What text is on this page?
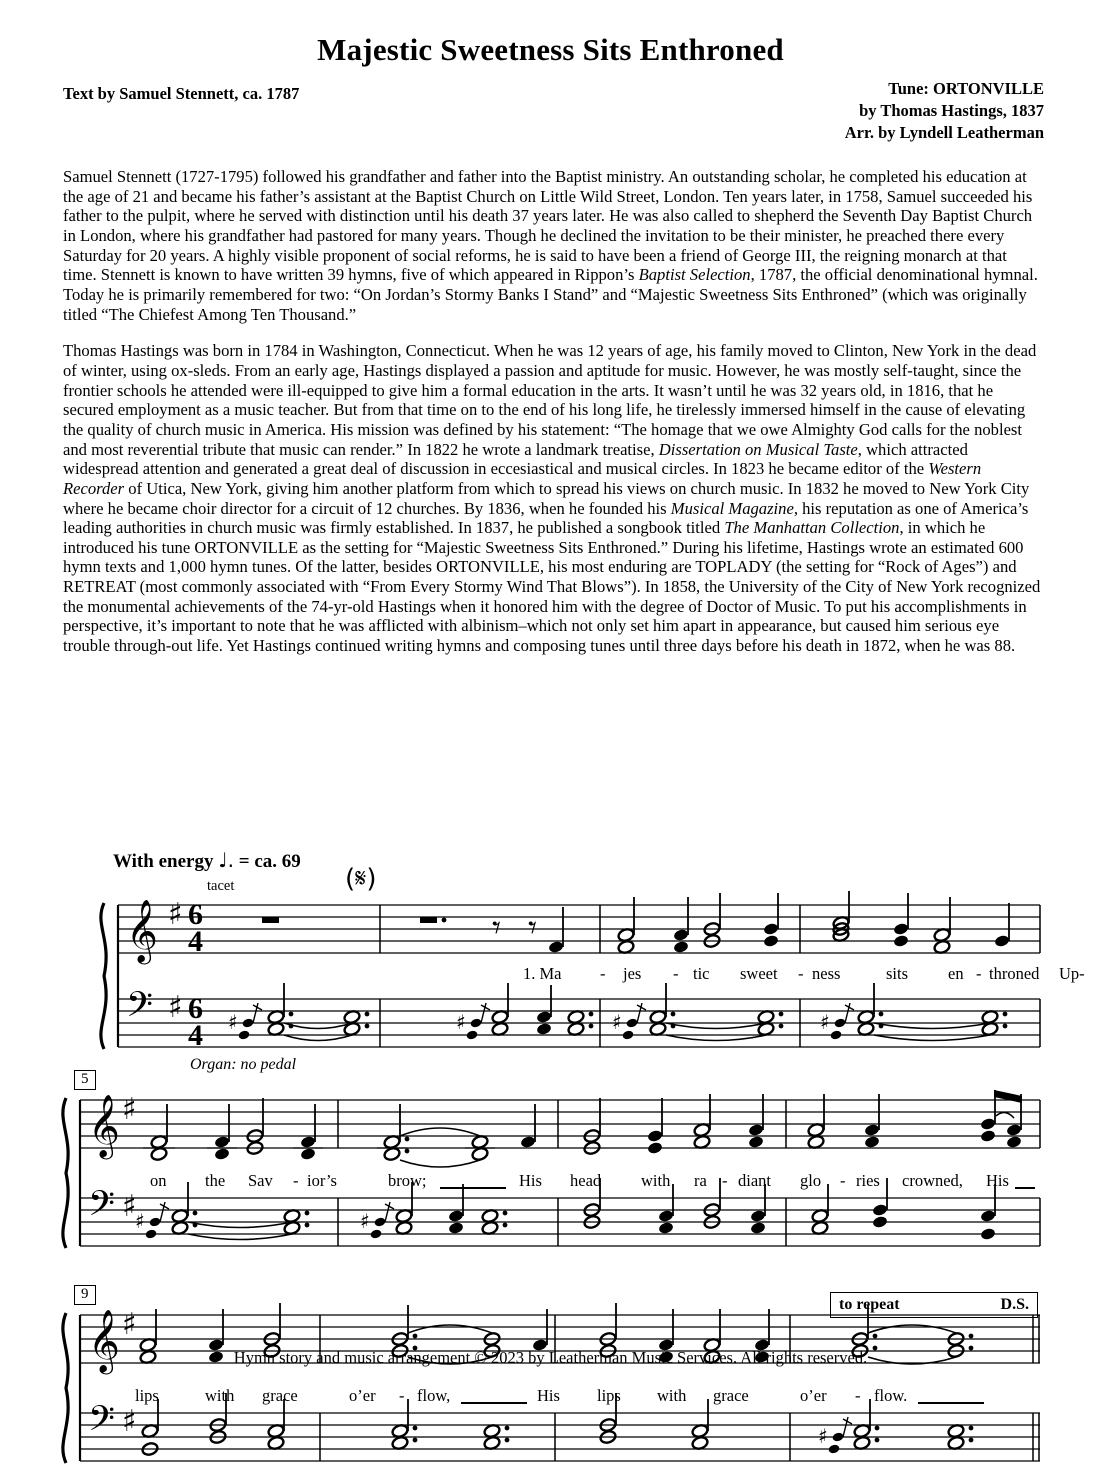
Majestic Sweetness Sits Enthroned
Text by Samuel Stennett, ca. 1787	Tune: ORTONVILLE
by Thomas Hastings, 1837
Arr. by Lyndell Leatherman

Samuel Stennett (1727-1795) followed his grandfather and father into the Baptist ministry. An outstanding scholar, he completed his education at the age of 21 and became his father’s assistant at the Baptist Church on Little Wild Street, London. Ten years later, in 1758, Samuel succeeded his father to the pulpit, where he served with distinction until his death 37 years later. He was also called to shepherd the Seventh Day Baptist Church in London, where his grandfather had pastored for many years. Though he declined the invitation to be their minister, he preached there every Saturday for 20 years. A highly visible proponent of social reforms, he is said to have been a friend of George III, the reigning monarch at that time. Stennett is known to have written 39 hymns, five of which appeared in Rippon’s Baptist Selection, 1787, the official denominational hymnal. Today he is primarily remembered for two: “On Jordan’s Stormy Banks I Stand” and “Majestic Sweetness Sits Enthroned” (which was originally titled “The Chiefest Among Ten Thousand.”

Thomas Hastings was born in 1784 in Washington, Connecticut. When he was 12 years of age, his family moved to Clinton, New York in the dead of winter, using ox-sleds. From an early age, Hastings displayed a passion and aptitude for music. However, he was mostly self-taught, since the frontier schools he attended were ill-equipped to give him a formal education in the arts. It wasn’t until he was 32 years old, in 1816, that he secured employment as a music teacher. But from that time on to the end of his long life, he tirelessly immersed himself in the cause of elevating the quality of church music in America. His mission was defined by his statement: “The homage that we owe Almighty God calls for the noblest and most reverential tribute that music can render.” In 1822 he wrote a landmark treatise, Dissertation on Musical Taste, which attracted widespread attention and generated a great deal of discussion in eccesiastical and musical circles. In 1823 he became editor of the Western Recorder of Utica, New York, giving him another platform from which to spread his views on church music. In 1832 he moved to New York City where he became choir director for a circuit of 12 churches. By 1836, when he founded his Musical Magazine, his reputation as one of America’s leading authorities in church music was firmly established. In 1837, he published a songbook titled The Manhattan Collection, in which he introduced his tune ORTONVILLE as the setting for “Majestic Sweetness Sits Enthroned.” During his lifetime, Hastings wrote an estimated 600 hymn texts and 1,000 hymn tunes. Of the latter, besides ORTONVILLE, his most enduring are TOPLADY (the setting for “Rock of Ages”) and RETREAT (most commonly associated with “From Every Stormy Wind That Blows”). In 1858, the University of the City of New York recognized the monumental achievements of the 74-yr-old Hastings when it honored him with the degree of Doctor of Music. To put his accomplishments in perspective, it’s important to note that he was afflicted with albinism–which not only set him apart in appearance, but caused him serious eye trouble through-out life. Yet Hastings continued writing hymns and composing tunes until three days before his death in 1872, when he was 88.

With energy ♩. = ca. 69
tacet	(𝄋)
Organ: no pedal
𝄞 ♯ 6
4
𝄢 ♯ 6
4
𝄾 𝄾
♯	♯	♯	♯
5
𝄞 ♯
𝄢 ♯
♯	♯
9
to repeat	D.S.
𝄞 ♯
𝄢 ♯	♯
1. Ma - jes - tic sweet - ness	sits en - throned Up-
on the Sav - ior’s	brow;	His head with ra - diant glo - ries crowned, His
lips	with grace	o’er - flow,	His lips with grace	o’er - flow.
Hymn story and music arrangement © 2023 by Leatherman Music Services. All rights reserved.
